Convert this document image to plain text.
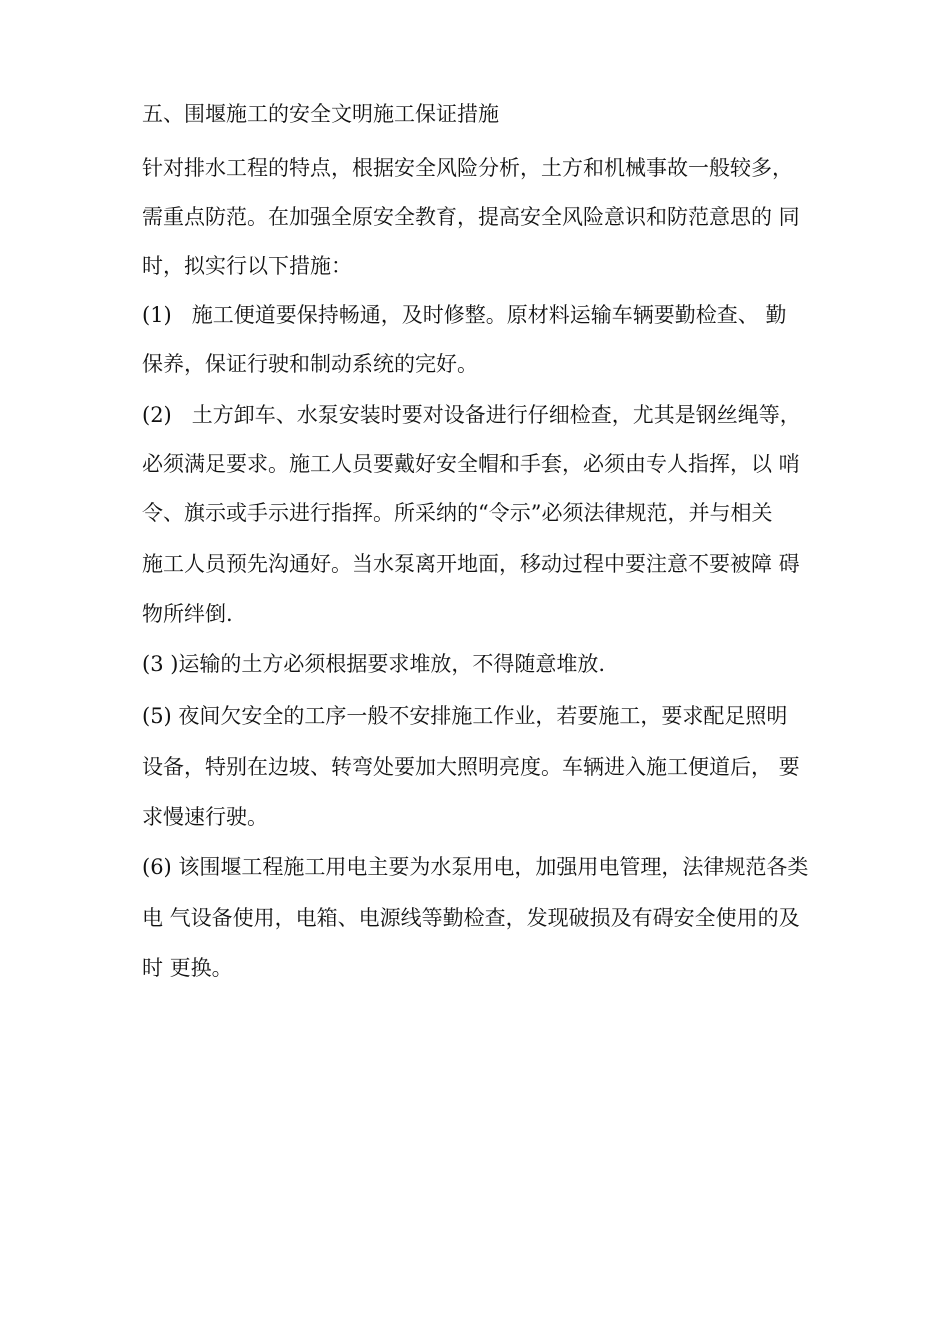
五、围堰施工的安全文明施工保证措施
针对排水工程的特点，根据安全风险分析，土方和机械事故一般较多，
需重点防范。在加强全原安全教育，提高安全风险意识和防范意思的 同
时，拟实行以下措施：
(1)   施工便道要保持畅通，及时修整。原材料运输车辆要勤检查、 勤
保养，保证行驶和制动系统的完好。
(2)   土方卸车、水泵安装时要对设备进行仔细检查，尤其是钢丝绳等，
必须满足要求。施工人员要戴好安全帽和手套，必须由专人指挥，以 哨
令、旗示或手示进行指挥。所采纳的“令示”必须法律规范，并与相关
施工人员预先沟通好。当水泵离开地面，移动过程中要注意不要被障 碍
物所绊倒.
(3 )运输的土方必须根据要求堆放，不得随意堆放.
(5) 夜间欠安全的工序一般不安排施工作业，若要施工，要求配足照明
设备，特别在边坡、转弯处要加大照明亮度。车辆进入施工便道后， 要
求慢速行驶。
(6) 该围堰工程施工用电主要为水泵用电，加强用电管理，法律规范各类
电 气设备使用，电箱、电源线等勤检查，发现破损及有碍安全使用的及
时 更换。
